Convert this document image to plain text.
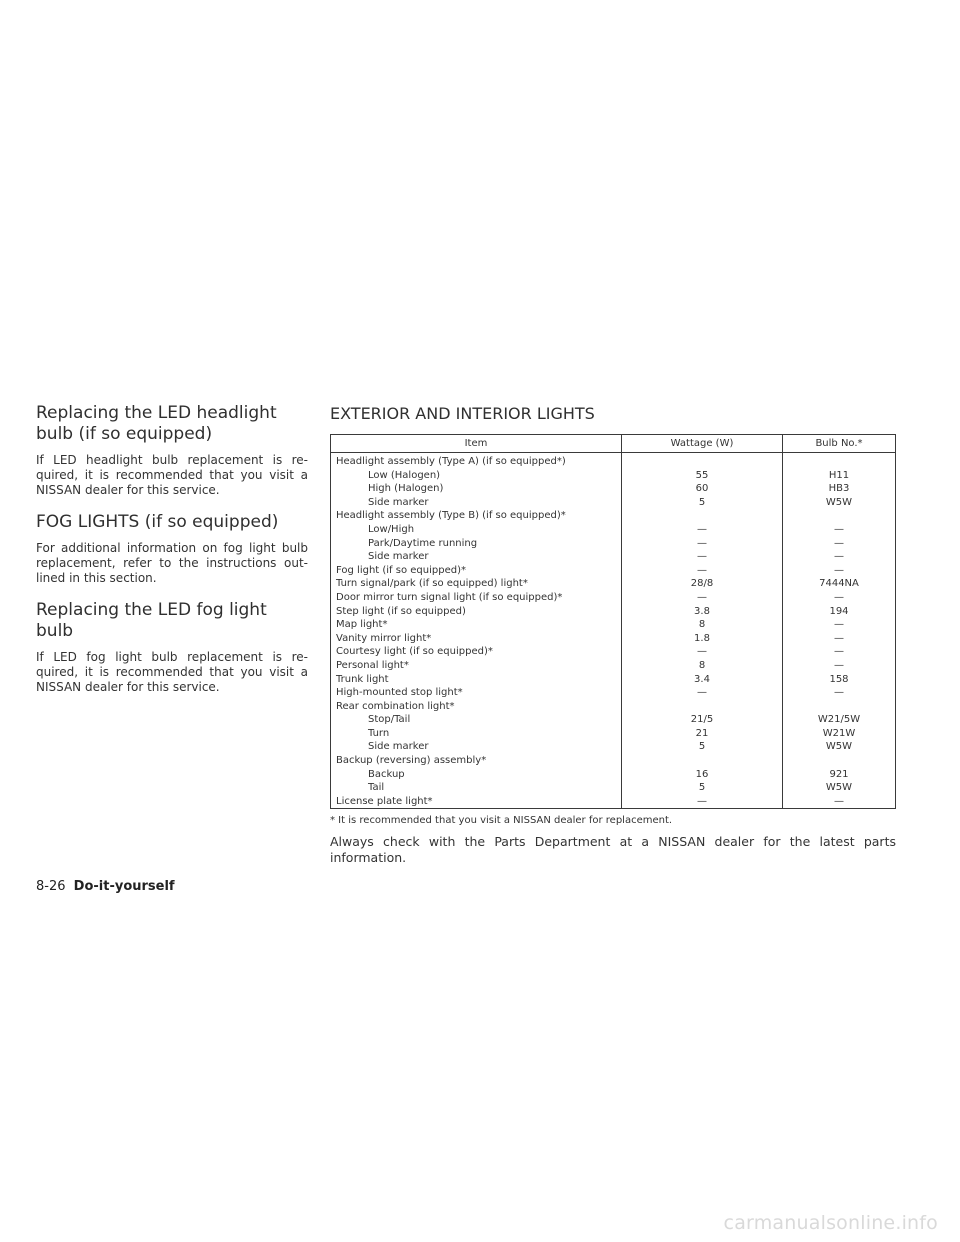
Replacing the LED headlight bulb (if so equipped)

If LED headlight bulb replacement is re-quired, it is recommended that you visit a NISSAN dealer for this service.

FOG LIGHTS (if so equipped)

For additional information on fog light bulb replacement, refer to the instructions out-lined in this section.

Replacing the LED fog light bulb

If LED fog light bulb replacement is re-quired, it is recommended that you visit a NISSAN dealer for this service.

EXTERIOR AND INTERIOR LIGHTS
Item	Wattage (W)	Bulb No.*
Headlight assembly (Type A) (if so equipped*)		
Low (Halogen)	55	H11
High (Halogen)	60	HB3
Side marker	5	W5W
Headlight assembly (Type B) (if so equipped)*		
Low/High	—	—
Park/Daytime running	—	—
Side marker	—	—
Fog light (if so equipped)*	—	—
Turn signal/park (if so equipped) light*	28/8	7444NA
Door mirror turn signal light (if so equipped)*	—	—
Step light (if so equipped)	3.8	194
Map light*	8	—
Vanity mirror light*	1.8	—
Courtesy light (if so equipped)*	—	—
Personal light*	8	—
Trunk light	3.4	158
High-mounted stop light*	—	—
Rear combination light*		
Stop/Tail	21/5	W21/5W
Turn	21	W21W
Side marker	5	W5W
Backup (reversing) assembly*		
Backup	16	921
Tail	5	W5W
License plate light*	—	—

* It is recommended that you visit a NISSAN dealer for replacement.

Always check with the Parts Department at a NISSAN dealer for the latest parts information.

8-26 Do-it-yourself
carmanualsonline.info
